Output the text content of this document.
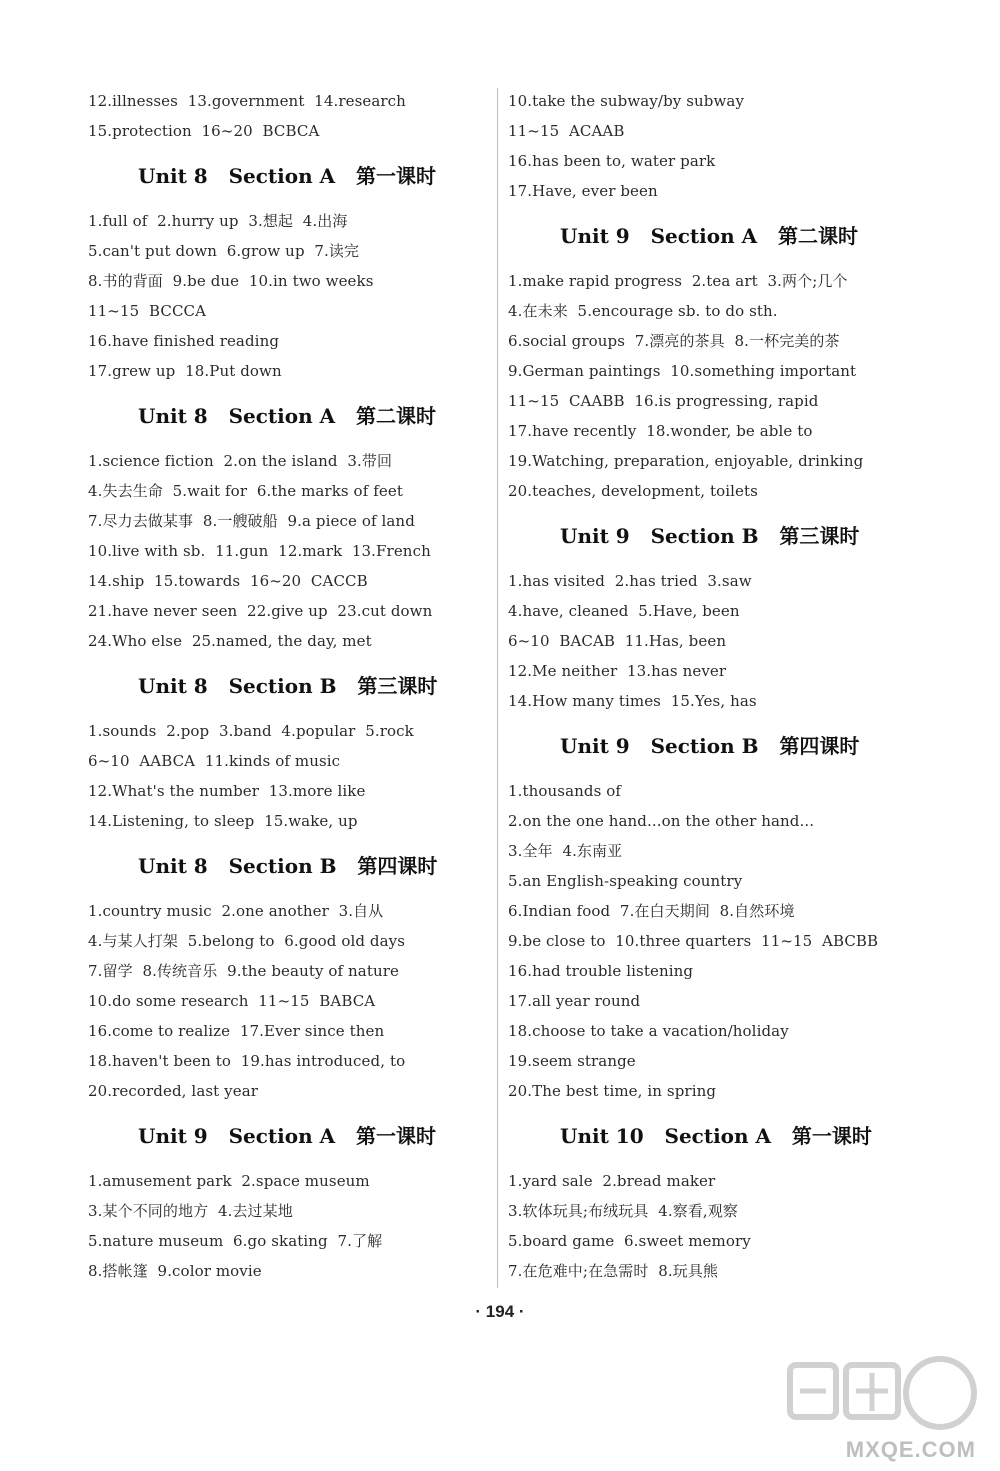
12.illnesses  13.government  14.research
15.protection  16~20  BCBCA
Unit 8   Section A   第一课时
1.full of  2.hurry up  3.想起  4.出海
5.can't put down  6.grow up  7.读完
8.书的背面  9.be due  10.in two weeks
11~15  BCCCA
16.have finished reading
17.grew up  18.Put down
Unit 8   Section A   第二课时
1.science fiction  2.on the island  3.带回
4.失去生命  5.wait for  6.the marks of feet
7.尽力去做某事  8.一艘破船  9.a piece of land
10.live with sb.  11.gun  12.mark  13.French
14.ship  15.towards  16~20  CACCB
21.have never seen  22.give up  23.cut down
24.Who else  25.named, the day, met
Unit 8   Section B   第三课时
1.sounds  2.pop  3.band  4.popular  5.rock
6~10  AABCA  11.kinds of music
12.What's the number  13.more like
14.Listening, to sleep  15.wake, up
Unit 8   Section B   第四课时
1.country music  2.one another  3.自从
4.与某人打架  5.belong to  6.good old days
7.留学  8.传统音乐  9.the beauty of nature
10.do some research  11~15  BABCA
16.come to realize  17.Ever since then
18.haven't been to  19.has introduced, to
20.recorded, last year
Unit 9   Section A   第一课时
1.amusement park  2.space museum
3.某个不同的地方  4.去过某地
5.nature museum  6.go skating  7.了解
8.搭帐篷  9.color movie
10.take the subway/by subway
11~15  ACAAB
16.has been to, water park
17.Have, ever been
Unit 9   Section A   第二课时
1.make rapid progress  2.tea art  3.两个;几个
4.在未来  5.encourage sb. to do sth.
6.social groups  7.漂亮的茶具  8.一杯完美的茶
9.German paintings  10.something important
11~15  CAABB  16.is progressing, rapid
17.have recently  18.wonder, be able to
19.Watching, preparation, enjoyable, drinking
20.teaches, development, toilets
Unit 9   Section B   第三课时
1.has visited  2.has tried  3.saw
4.have, cleaned  5.Have, been
6~10  BACAB  11.Has, been
12.Me neither  13.has never
14.How many times  15.Yes, has
Unit 9   Section B   第四课时
1.thousands of
2.on the one hand...on the other hand...
3.全年  4.东南亚
5.an English-speaking country
6.Indian food  7.在白天期间  8.自然环境
9.be close to  10.three quarters  11~15  ABCBB
16.had trouble listening
17.all year round
18.choose to take a vacation/holiday
19.seem strange
20.The best time, in spring
Unit 10   Section A   第一课时
1.yard sale  2.bread maker
3.软体玩具;布绒玩具  4.察看,观察
5.board game  6.sweet memory
7.在危难中;在急需时  8.玩具熊
· 194 ·
MXQE.COM
